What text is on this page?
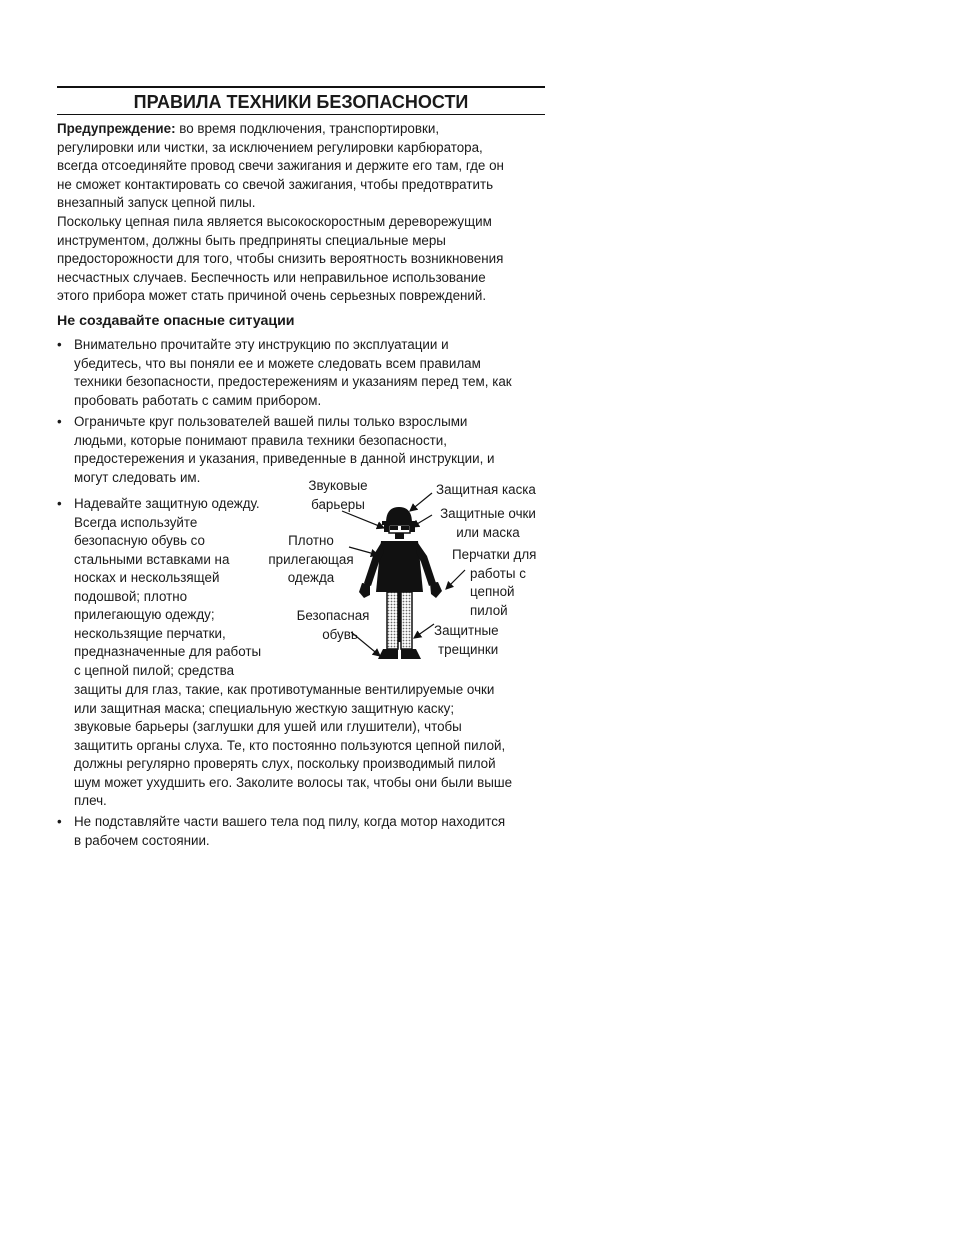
ПРАВИЛА ТЕХНИКИ БЕЗОПАСНОСТИ

Предупреждение: во время подключения, транспортировки,
регулировки или чистки, за исключением регулировки карбюратора,
всегда отсоединяйте провод свечи зажигания и держите его там, где он
не сможет контактировать со свечой зажигания, чтобы предотвратить
внезапный запуск цепной пилы.

Поскольку цепная пила является высокоскоростным дереворежущим
инструментом, должны быть предприняты специальные меры
предосторожности для того, чтобы снизить вероятность возникновения
несчастных случаев. Беспечность или неправильное использование
этого прибора может стать причиной очень серьезных повреждений.

Не создавайте опасные ситуации
• Внимательно прочитайте эту инструкцию по эксплуатации и
убедитесь, что вы поняли ее и можете следовать всем правилам
техники безопасности, предостережениям и указаниям перед тем, как
пробовать работать с самим прибором.

• Ограничьте круг пользователей вашей пилы только взрослыми
людьми, которые понимают правила техники безопасности,
предостережения и указания, приведенные в данной инструкции, и
могут следовать им.

• Надевайте защитную одежду.
Всегда используйте
безопасную обувь со
стальными вставками на
носках и нескользящей
подошвой; плотно
прилегающую одежду;
нескользящие перчатки,
предназначенные для работы
с цепной пилой; средства

защиты для глаз, такие, как противотуманные вентилируемые очки
или защитная маска; специальную жесткую защитную каску;
звуковые барьеры (заглушки для ушей или глушители), чтобы
защитить органы слуха. Те, кто постоянно пользуются цепной пилой,
должны регулярно проверять слух, поскольку производимый пилой
шум может ухудшить его. Заколите волосы так, чтобы они были выше
плеч.

• Не подставляйте части вашего тела под пилу, когда мотор находится
в рабочем состоянии.

Звуковые
барьеры

Защитная каска

Защитные очки
или маска

Плотно
прилегающая
одежда

Перчатки для
работы с
цепной
пилой

Безопасная
обувь	Защитные
трещинки
